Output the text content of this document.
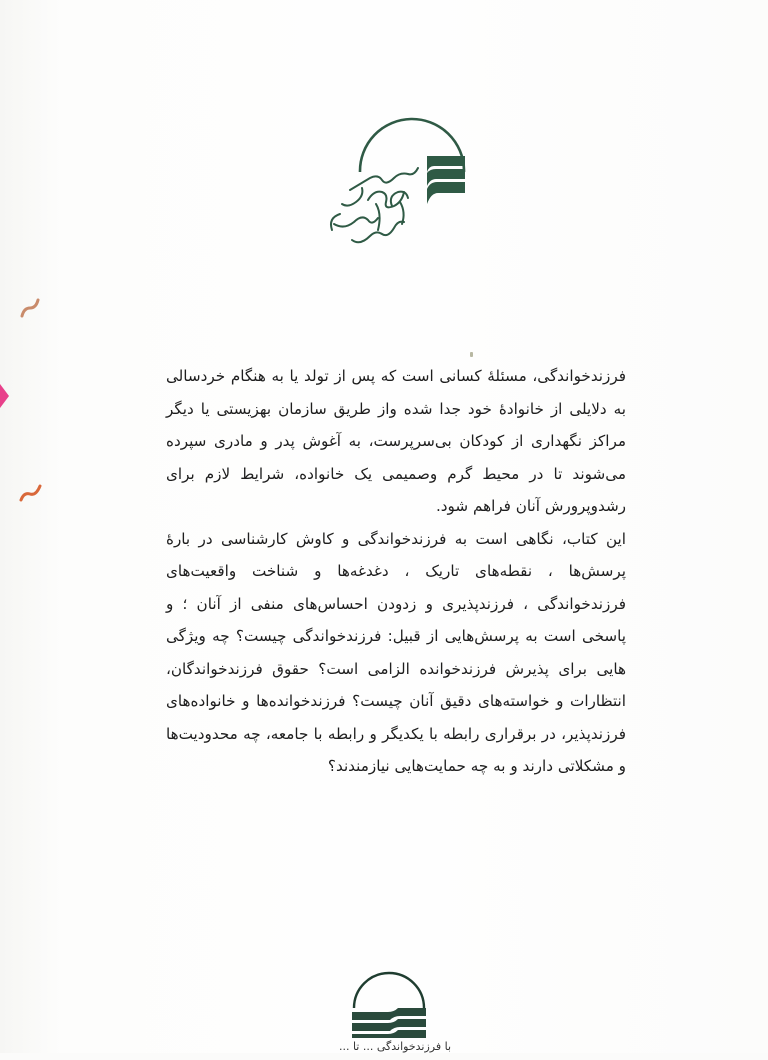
سی امین سال تاسیس انتشارات کویر

فرزندخواندگی، مسئلهٔ کسانی است که پس از تولد یا به هنگام خردسالی به دلایلی از خانوادهٔ خود جدا شده واز طریق سازمان بهزیستی یا دیگر مراکز نگهداری از کودکان بی‌سرپرست، به آغوش پدر و مادری سپرده می‌شوند تا در محیط گرم وصمیمی یک خانواده، شرایط لازم برای رشدوپرورش آنان فراهم شود.

این کتاب، نگاهی است به فرزندخواندگی و کاوش کارشناسی در بارهٔ پرسش‌ها ، نقطه‌های تاریک ، دغدغه‌ها و شناخت واقعیت‌های فرزندخواندگی ، فرزندپذیری و زدودن احساس‌های منفی از آنان ؛ و پاسخی است به پرسش‌هایی از قبیل: فرزندخواندگی چیست؟ چه ویژگی هایی برای پذیرش فرزندخوانده الزامی است؟ حقوق فرزندخواندگان، انتظارات و خواسته‌های دقیق آنان چیست؟ فرزندخوانده‌ها و خانواده‌های فرزندپذیر، در برقراری رابطه با یکدیگر و رابطه با جامعه، چه محدودیت‌ها و مشکلاتی دارند و به چه حمایت‌هایی نیازمندند؟

با فرزندخواندگی ... تا ...
